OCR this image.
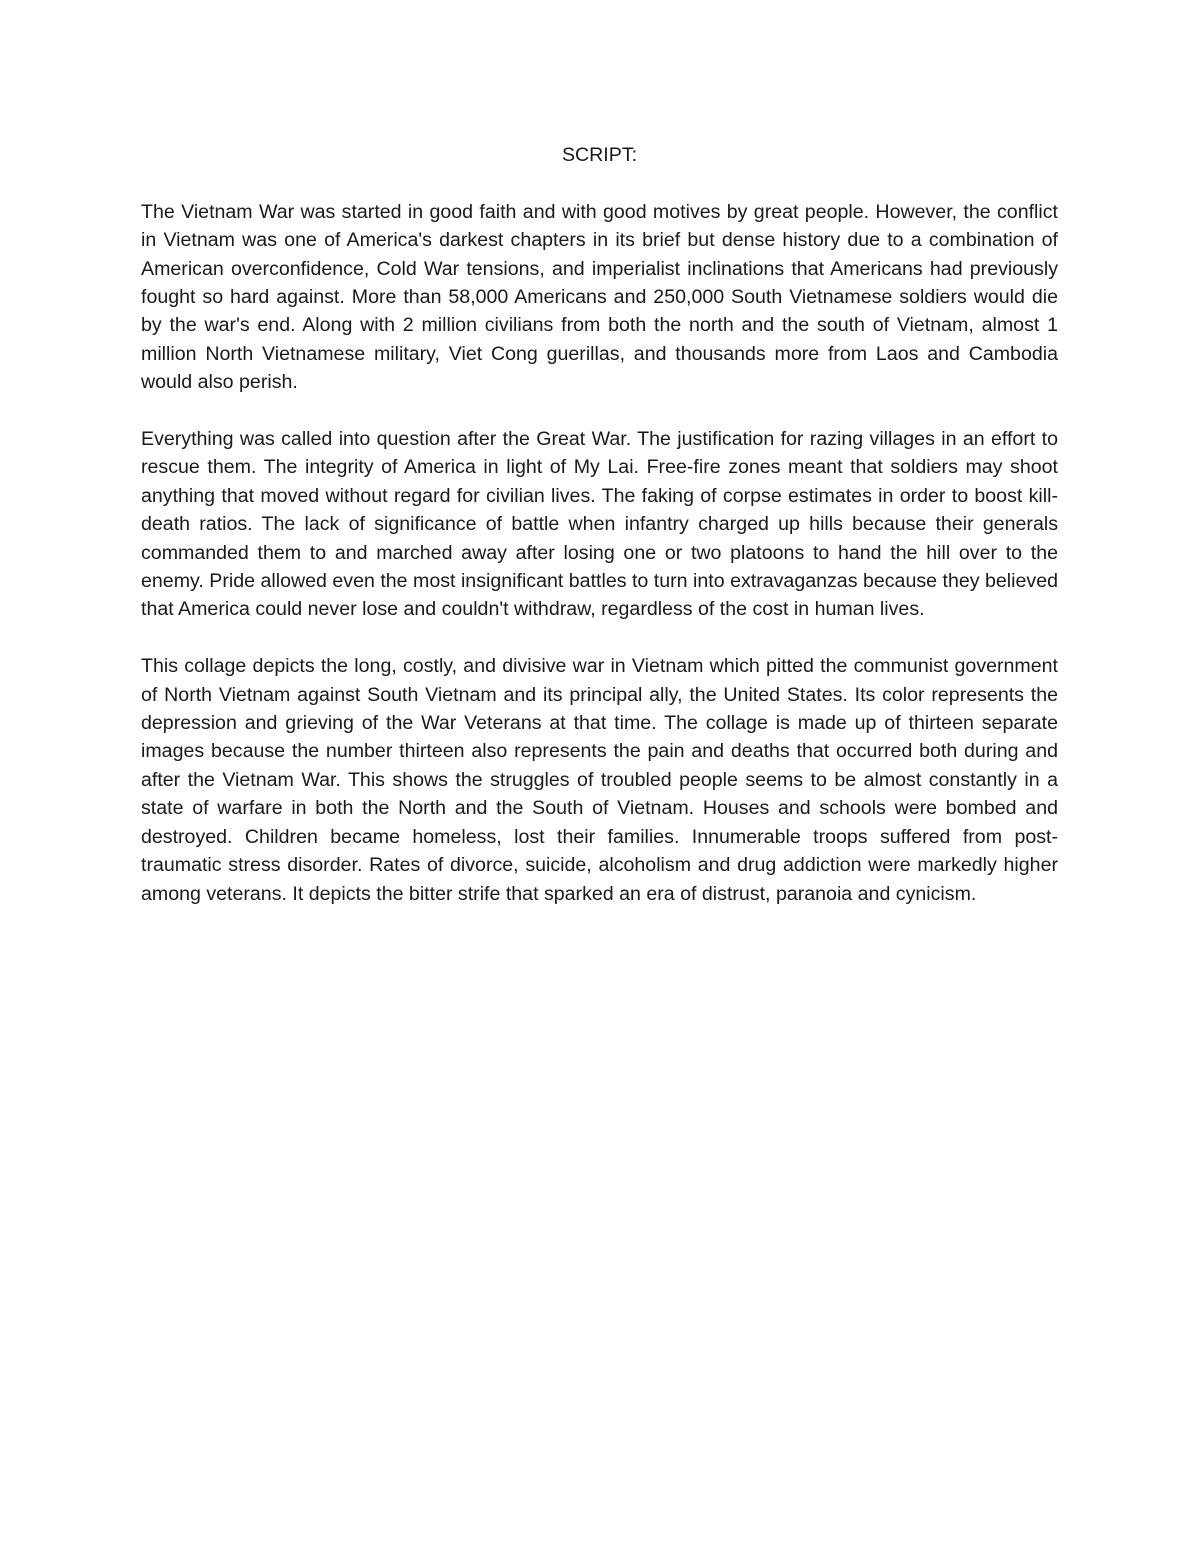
SCRIPT:

The Vietnam War was started in good faith and with good motives by great people. However, the conflict in Vietnam was one of America's darkest chapters in its brief but dense history due to a combination of American overconfidence, Cold War tensions, and imperialist inclinations that Americans had previously fought so hard against. More than 58,000 Americans and 250,000 South Vietnamese soldiers would die by the war's end. Along with 2 million civilians from both the north and the south of Vietnam, almost 1 million North Vietnamese military, Viet Cong guerillas, and thousands more from Laos and Cambodia would also perish.

Everything was called into question after the Great War. The justification for razing villages in an effort to rescue them. The integrity of America in light of My Lai. Free-fire zones meant that soldiers may shoot anything that moved without regard for civilian lives. The faking of corpse estimates in order to boost kill-death ratios. The lack of significance of battle when infantry charged up hills because their generals commanded them to and marched away after losing one or two platoons to hand the hill over to the enemy. Pride allowed even the most insignificant battles to turn into extravaganzas because they believed that America could never lose and couldn't withdraw, regardless of the cost in human lives.

This collage depicts the long, costly, and divisive war in Vietnam which pitted the communist government of North Vietnam against South Vietnam and its principal ally, the United States. Its color represents the depression and grieving of the War Veterans at that time. The collage is made up of thirteen separate images because the number thirteen also represents the pain and deaths that occurred both during and after the Vietnam War. This shows the struggles of troubled people seems to be almost constantly in a state of warfare in both the North and the South of Vietnam. Houses and schools were bombed and destroyed. Children became homeless, lost their families. Innumerable troops suffered from post-traumatic stress disorder. Rates of divorce, suicide, alcoholism and drug addiction were markedly higher among veterans. It depicts the bitter strife that sparked an era of distrust, paranoia and cynicism.
